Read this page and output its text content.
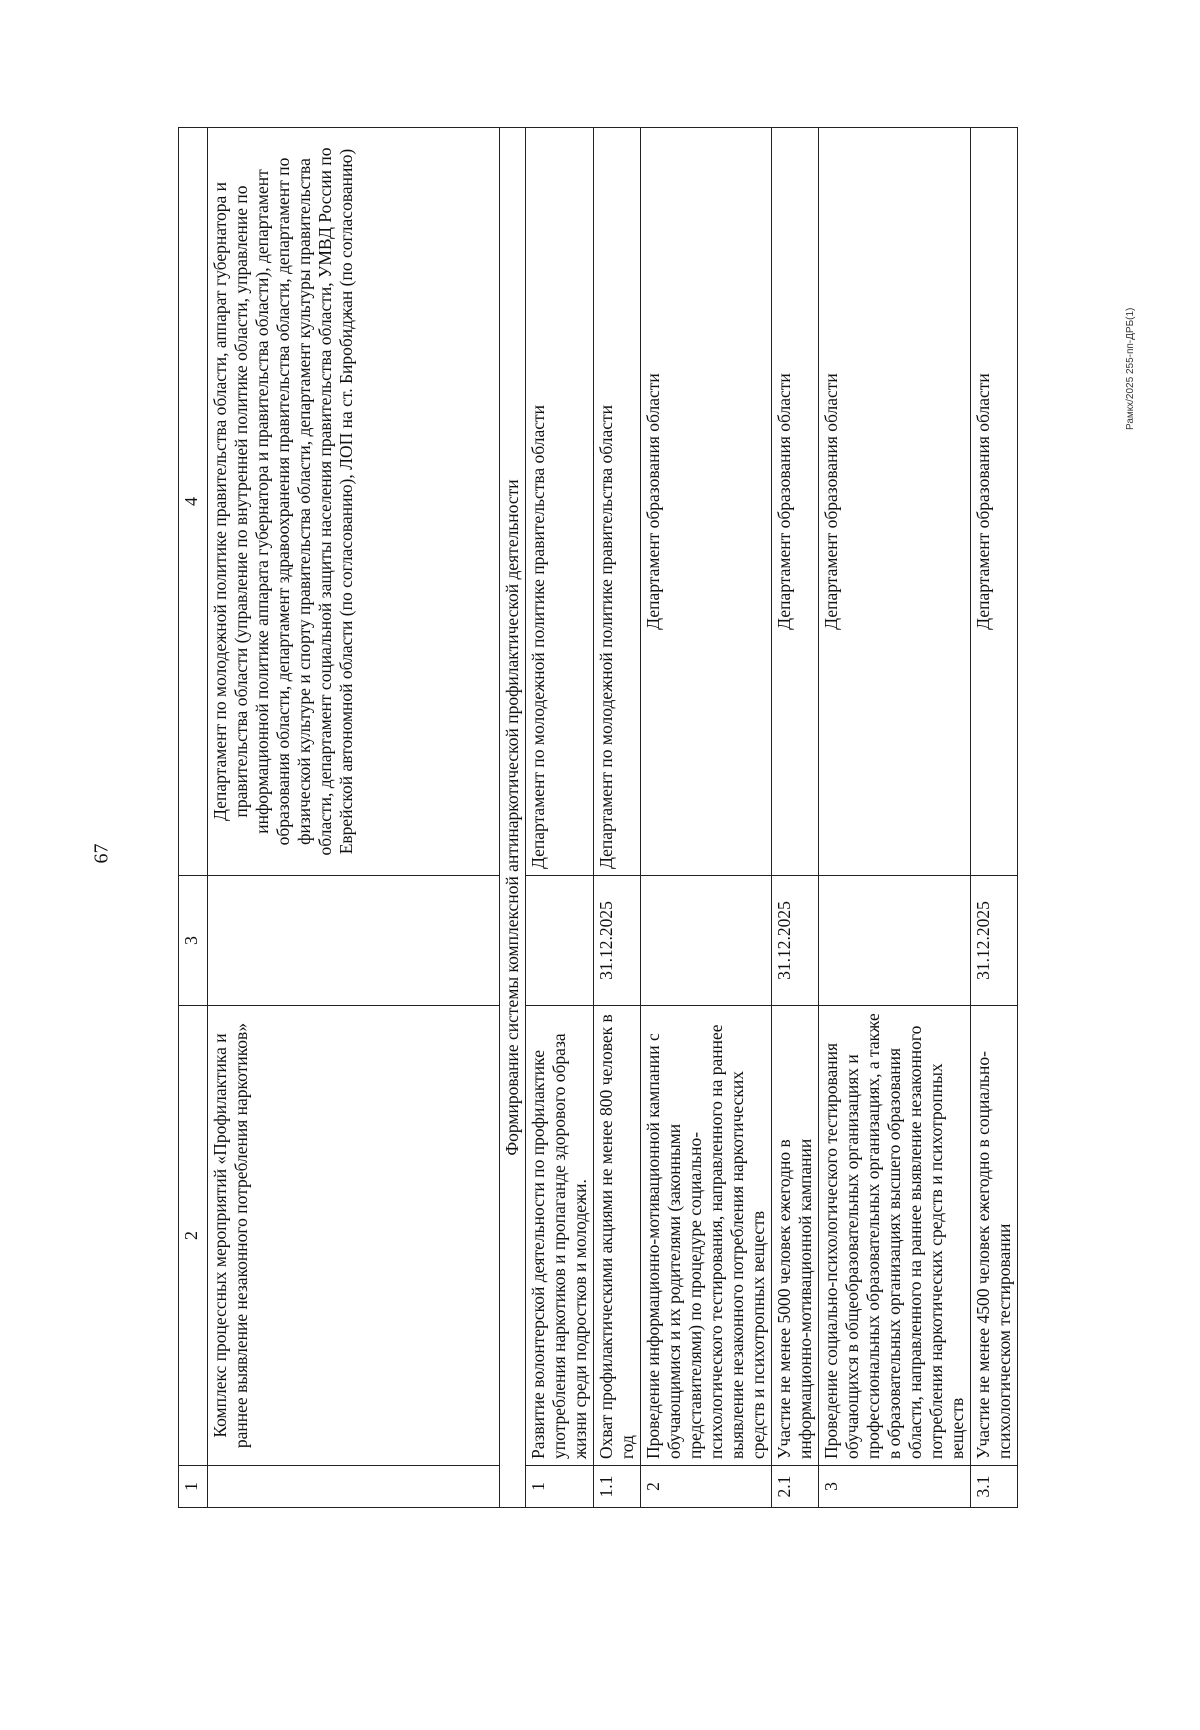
67
Рамкх/2025 255-пп-ДРБ(1)
1	2	3	4
	Комплекс процессных мероприятий «Профилактика и раннее выявление незаконного потребления наркотиков»		Департамент по молодежной политике правительства области, аппарат губернатора и правительства области (управление по внутренней политике области, управление по информационной политике аппарата губернатора и правительства области), департамент образования области, департамент здравоохранения правительства области, департамент по физической культуре и спорту правительства области, департамент культуры правительства области, департамент социальной защиты населения правительства области, УМВД России по Еврейской автономной области (по согласованию), ЛОП на ст. Биробиджан (по согласованию)
Формирование системы комплексной антинаркотической профилактической деятельности			
1	Развитие волонтерской деятельности по профилактике употребления наркотиков и пропаганде здорового образа жизни среди подростков и молодежи.		Департамент по молодежной политике правительства области
1.1	Охват профилактическими акциями не менее 800 человек в год	31.12.2025	Департамент по молодежной политике правительства области
2	Проведение информационно-мотивационной кампании с обучающимися и их родителями (законными представителями) по процедуре социально-психологического тестирования, направленного на раннее выявление незаконного потребления наркотических средств и психотропных веществ		Департамент образования области
2.1	Участие не менее 5000 человек ежегодно в информационно-мотивационной кампании	31.12.2025	Департамент образования области
3	Проведение социально-психологического тестирования обучающихся в общеобразовательных организациях и профессиональных образовательных организациях, а также в образовательных организациях высшего образования области, направленного на раннее выявление незаконного потребления наркотических средств и психотропных веществ		Департамент образования области
3.1	Участие не менее 4500 человек ежегодно в социально-психологическом тестировании	31.12.2025	Департамент образования области
